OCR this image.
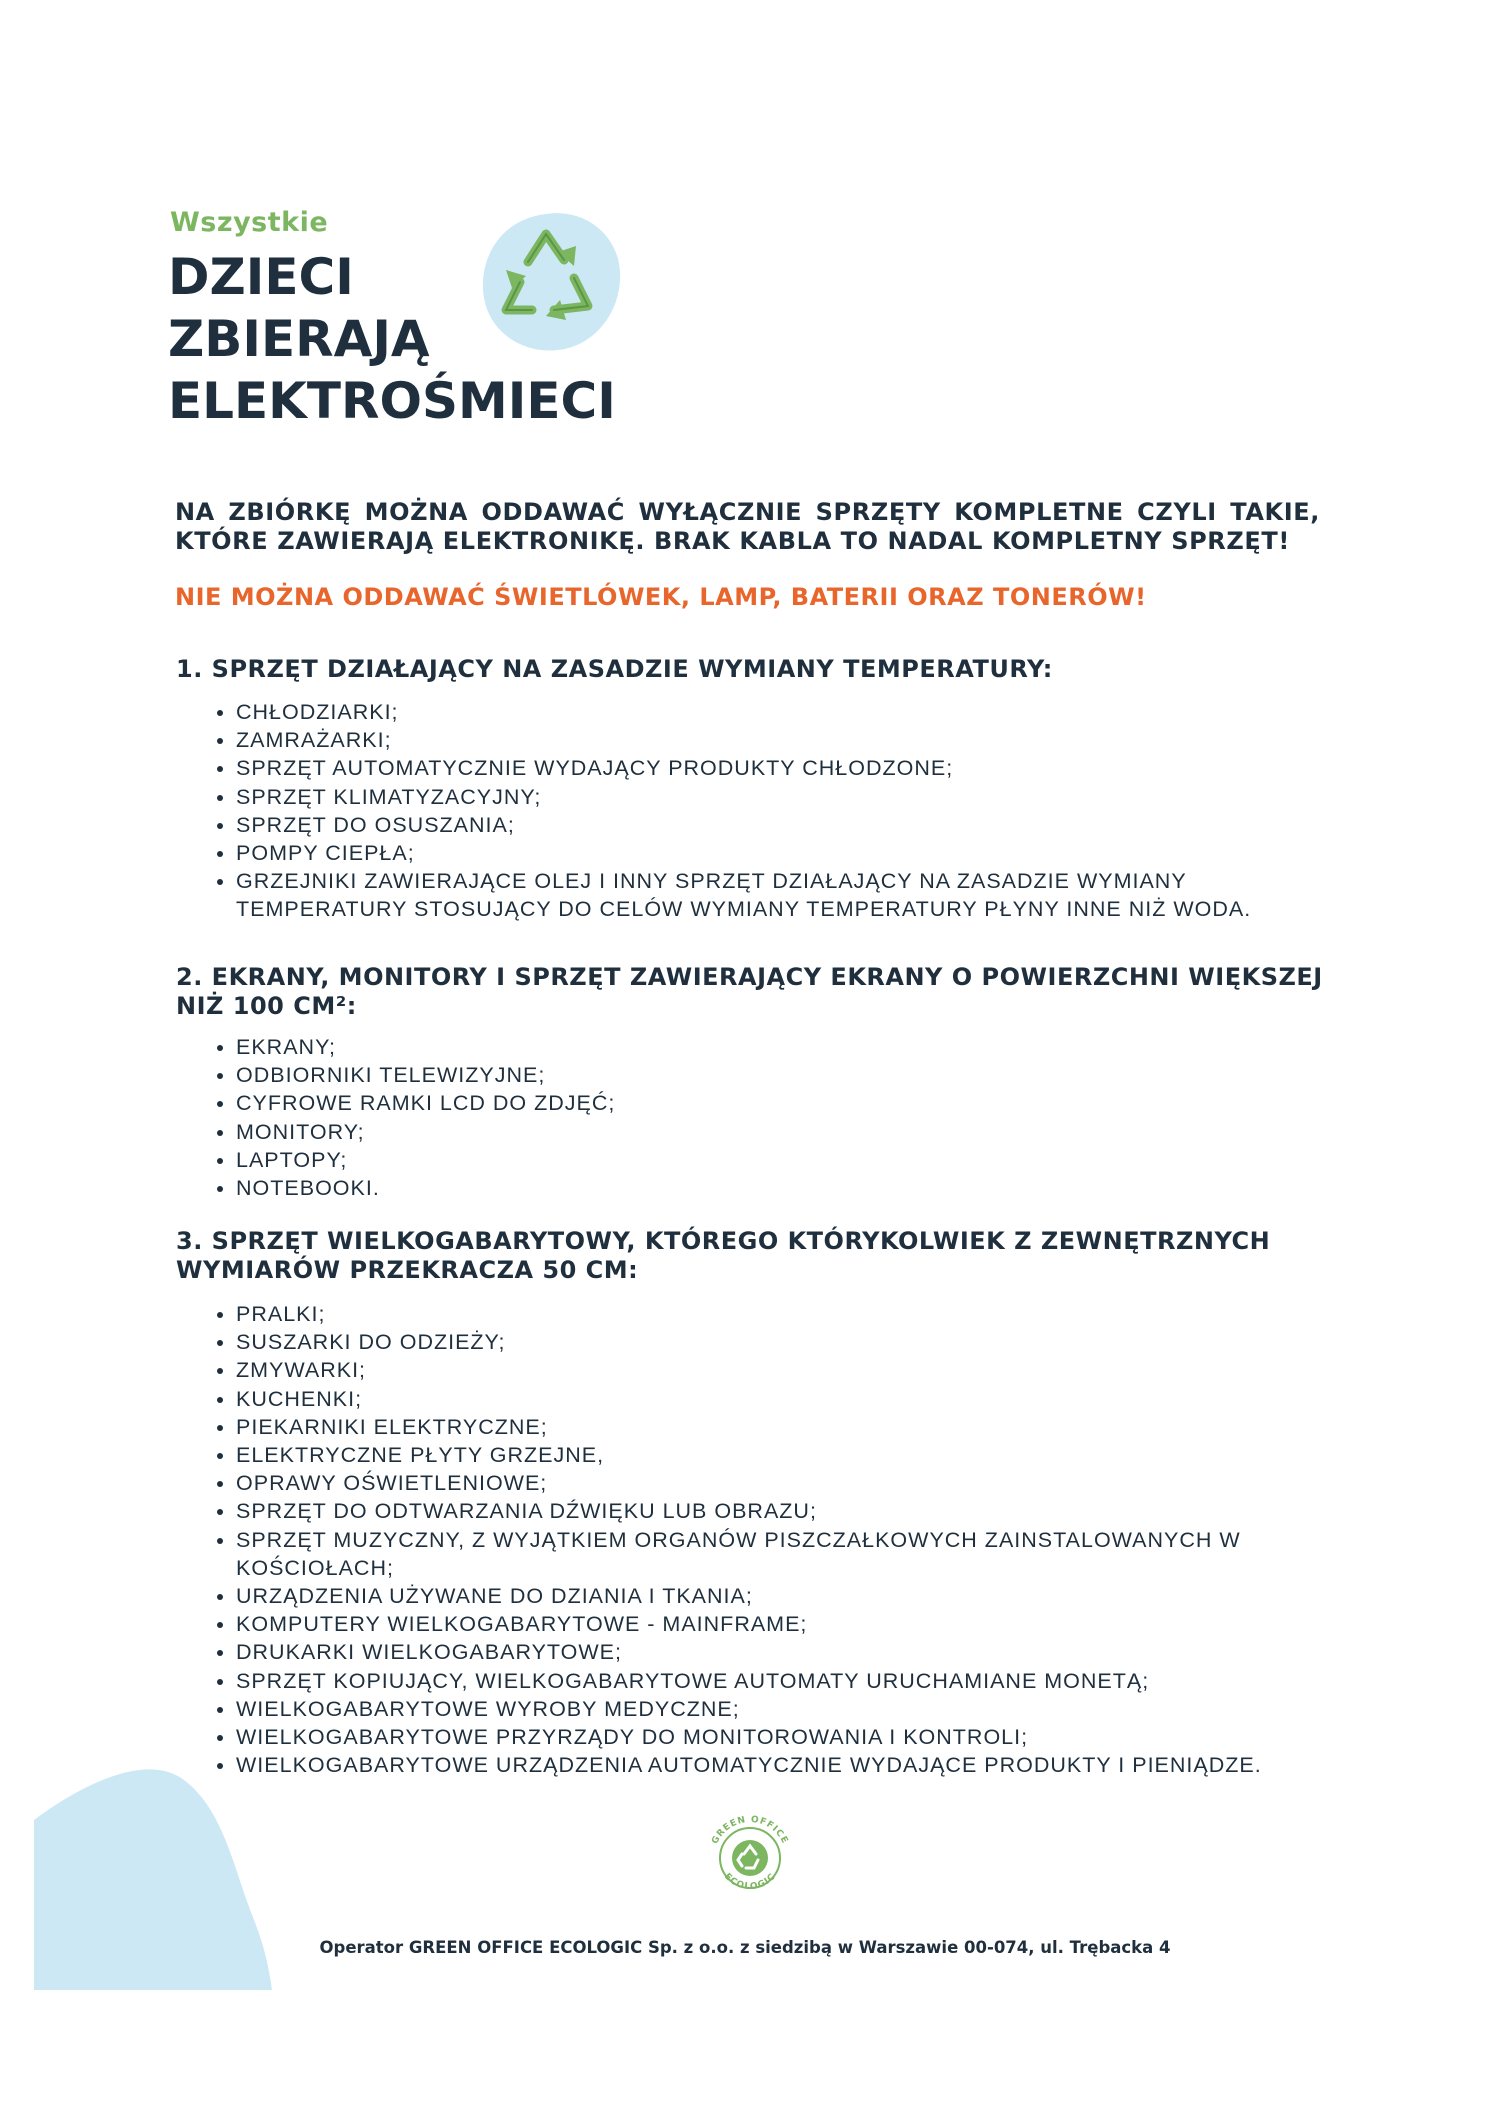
Wszystkie

DZIECI

ZBIERAJĄ

ELEKTROŚMIECI

NA ZBIÓRKĘ MOŻNA ODDAWAĆ WYŁĄCZNIE SPRZĘTY KOMPLETNE CZYLI TAKIE, KTÓRE ZAWIERAJĄ ELEKTRONIKĘ. BRAK KABLA TO NADAL KOMPLETNY SPRZĘT!

NIE MOŻNA ODDAWAĆ ŚWIETLÓWEK, LAMP, BATERII ORAZ TONERÓW!

1. SPRZĘT DZIAŁAJĄCY NA ZASADZIE WYMIANY TEMPERATURY:

• CHŁODZIARKI;
• ZAMRAŻARKI;
• SPRZĘT AUTOMATYCZNIE WYDAJĄCY PRODUKTY CHŁODZONE;
• SPRZĘT KLIMATYZACYJNY;
• SPRZĘT DO OSUSZANIA;
• POMPY CIEPŁA;
• GRZEJNIKI ZAWIERAJĄCE OLEJ I INNY SPRZĘT DZIAŁAJĄCY NA ZASADZIE WYMIANY TEMPERATURY STOSUJĄCY DO CELÓW WYMIANY TEMPERATURY PŁYNY INNE NIŻ WODA.

2. EKRANY, MONITORY I SPRZĘT ZAWIERAJĄCY EKRANY O POWIERZCHNI WIĘKSZEJ NIŻ 100 CM²:

• EKRANY;
• ODBIORNIKI TELEWIZYJNE;
• CYFROWE RAMKI LCD DO ZDJĘĆ;
• MONITORY;
• LAPTOPY;
• NOTEBOOKI.

3. SPRZĘT WIELKOGABARYTOWY, KTÓREGO KTÓRYKOLWIEK Z ZEWNĘTRZNYCH WYMIARÓW PRZEKRACZA 50 CM:

• PRALKI;
• SUSZARKI DO ODZIEŻY;
• ZMYWARKI;
• KUCHENKI;
• PIEKARNIKI ELEKTRYCZNE;
• ELEKTRYCZNE PŁYTY GRZEJNE,
• OPRAWY OŚWIETLENIOWE;
• SPRZĘT DO ODTWARZANIA DŹWIĘKU LUB OBRAZU;
• SPRZĘT MUZYCZNY, Z WYJĄTKIEM ORGANÓW PISZCZAŁKOWYCH ZAINSTALOWANYCH W KOŚCIOŁACH;
• URZĄDZENIA UŻYWANE DO DZIANIA I TKANIA;
• KOMPUTERY WIELKOGABARYTOWE - MAINFRAME;
• DRUKARKI WIELKOGABARYTOWE;
• SPRZĘT KOPIUJĄCY, WIELKOGABARYTOWE AUTOMATY URUCHAMIANE MONETĄ;
• WIELKOGABARYTOWE WYROBY MEDYCZNE;
• WIELKOGABARYTOWE PRZYRZĄDY DO MONITOROWANIA I KONTROLI;
• WIELKOGABARYTOWE URZĄDZENIA AUTOMATYCZNIE WYDAJĄCE PRODUKTY I PIENIĄDZE.
GREEN OFFICE
ECOLOGIC

Operator GREEN OFFICE ECOLOGIC Sp. z o.o. z siedzibą w Warszawie 00-074, ul. Trębacka 4
